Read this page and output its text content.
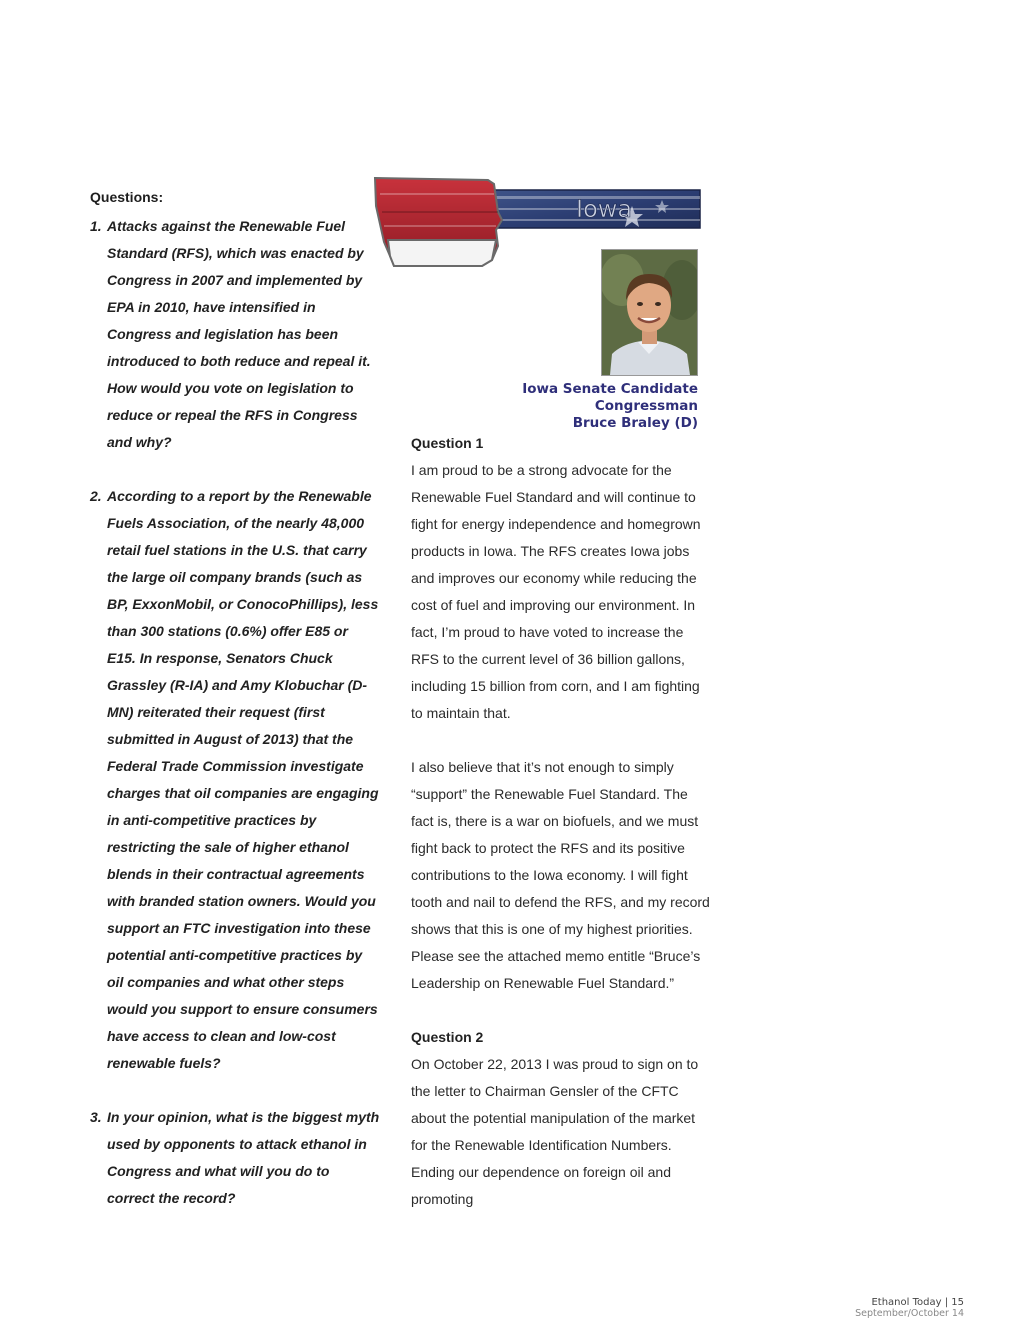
Questions:
1. Attacks against the Renewable Fuel Standard (RFS), which was enacted by Congress in 2007 and implemented by EPA in 2010, have intensified in Congress and legislation has been introduced to both reduce and repeal it. How would you vote on legislation to reduce or repeal the RFS in Congress and why?
2. According to a report by the Renewable Fuels Association, of the nearly 48,000 retail fuel stations in the U.S. that carry the large oil company brands (such as BP, ExxonMobil, or ConocoPhillips), less than 300 stations (0.6%) offer E85 or E15. In response, Senators Chuck Grassley (R-IA) and Amy Klobuchar (D-MN) reiterated their request (first submitted in August of 2013) that the Federal Trade Commission investigate charges that oil companies are engaging in anti-competitive practices by restricting the sale of higher ethanol blends in their contractual agreements with branded station owners. Would you support an FTC investigation into these potential anti-competitive practices by oil companies and what other steps would you support to ensure consumers have access to clean and low-cost renewable fuels?
3. In your opinion, what is the biggest myth used by opponents to attack ethanol in Congress and what will you do to correct the record?
Iowa
Iowa Senate Candidate Congressman
Bruce Braley (D)
Question 1

I am proud to be a strong advocate for the Renewable Fuel Standard and will continue to fight for energy independence and homegrown products in Iowa. The RFS creates Iowa jobs and improves our economy while reducing the cost of fuel and improving our environment. In fact, I’m proud to have voted to increase the RFS to the current level of 36 billion gallons, including 15 billion from corn, and I am fighting to maintain that.

I also believe that it’s not enough to simply “support” the Renewable Fuel Standard. The fact is, there is a war on biofuels, and we must fight back to protect the RFS and its positive contributions to the Iowa economy. I will fight tooth and nail to defend the RFS, and my record shows that this is one of my highest priorities. Please see the attached memo entitle “Bruce’s Leadership on Renewable Fuel Standard.”

Question 2

On October 22, 2013 I was proud to sign on to the letter to Chairman Gensler of the CFTC about the potential manipulation of the market for the Renewable Identification Numbers. Ending our dependence on foreign oil and promoting

Ethanol Today | 15
September/October 14
